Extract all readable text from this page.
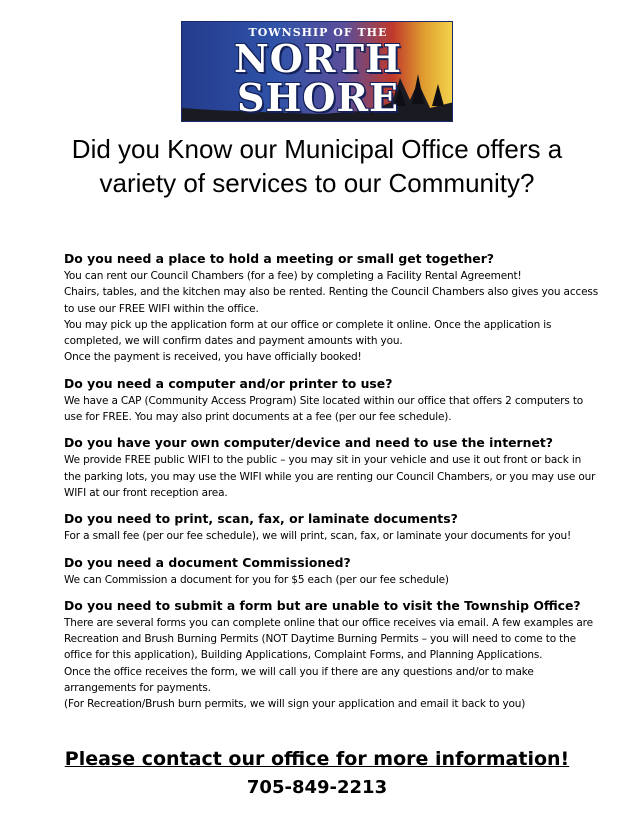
TOWNSHIP OF THE
NORTH
SHORE
Did you Know our Municipal Office offers a
variety of services to our Community?

Do you need a place to hold a meeting or small get together?

You can rent our Council Chambers (for a fee) by completing a Facility Rental Agreement!

Chairs, tables, and the kitchen may also be rented. Renting the Council Chambers also gives you access

to use our FREE WIFI within the office.

You may pick up the application form at our office or complete it online. Once the application is

completed, we will confirm dates and payment amounts with you.

Once the payment is received, you have officially booked!

Do you need a computer and/or printer to use?

We have a CAP (Community Access Program) Site located within our office that offers 2 computers to

use for FREE. You may also print documents at a fee (per our fee schedule).

Do you have your own computer/device and need to use the internet?

We provide FREE public WIFI to the public – you may sit in your vehicle and use it out front or back in

the parking lots, you may use the WIFI while you are renting our Council Chambers, or you may use our

WIFI at our front reception area.

Do you need to print, scan, fax, or laminate documents?

For a small fee (per our fee schedule), we will print, scan, fax, or laminate your documents for you!

Do you need a document Commissioned?

We can Commission a document for you for $5 each (per our fee schedule)

Do you need to submit a form but are unable to visit the Township Office?

There are several forms you can complete online that our office receives via email. A few examples are

Recreation and Brush Burning Permits (NOT Daytime Burning Permits – you will need to come to the

office for this application), Building Applications, Complaint Forms, and Planning Applications.

Once the office receives the form, we will call you if there are any questions and/or to make

arrangements for payments.

(For Recreation/Brush burn permits, we will sign your application and email it back to you)

Please contact our office for more information!
705-849-2213
